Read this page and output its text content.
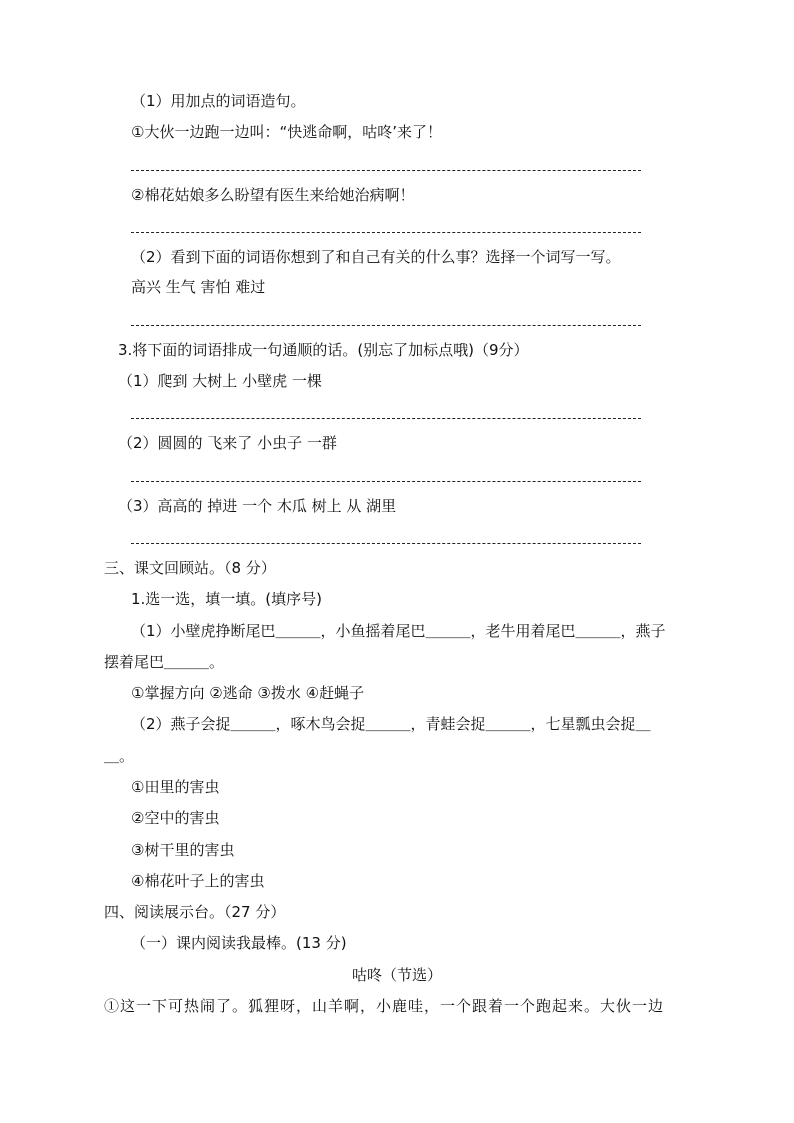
（1）用加点的词语造句。
①大伙一边跑一边叫：“快逃命啊，咕咚’来了！
②棉花姑娘多么盼望有医生来给她治病啊！
（2）看到下面的词语你想到了和自己有关的什么事？选择一个词写一写。
高兴 生气 害怕 难过
3.将下面的词语排成一句通顺的话。(别忘了加标点哦)（9分）
（1）爬到 大树上 小壁虎 一棵
（2）圆圆的 飞来了 小虫子 一群
（3）高高的 掉进 一个 木瓜 树上 从 湖里
三、课文回顾站。（8 分）
1.选一选，填一填。(填序号)
（1）小壁虎挣断尾巴＿＿＿，小鱼摇着尾巴＿＿＿，老牛用着尾巴＿＿＿，燕子
摆着尾巴＿＿＿。
①掌握方向 ②逃命 ③拨水 ④赶蝇子
（2）燕子会捉＿＿＿，啄木鸟会捉＿＿＿，青蛙会捉＿＿＿，七星瓢虫会捉＿
＿。
①田里的害虫
②空中的害虫
③树干里的害虫
④棉花叶子上的害虫
四、阅读展示台。（27 分）
（一）课内阅读我最棒。(13 分)
咕咚（节选）
①这一下可热闹了。狐狸呀，山羊啊，小鹿哇，一个跟着一个跑起来。大伙一边
